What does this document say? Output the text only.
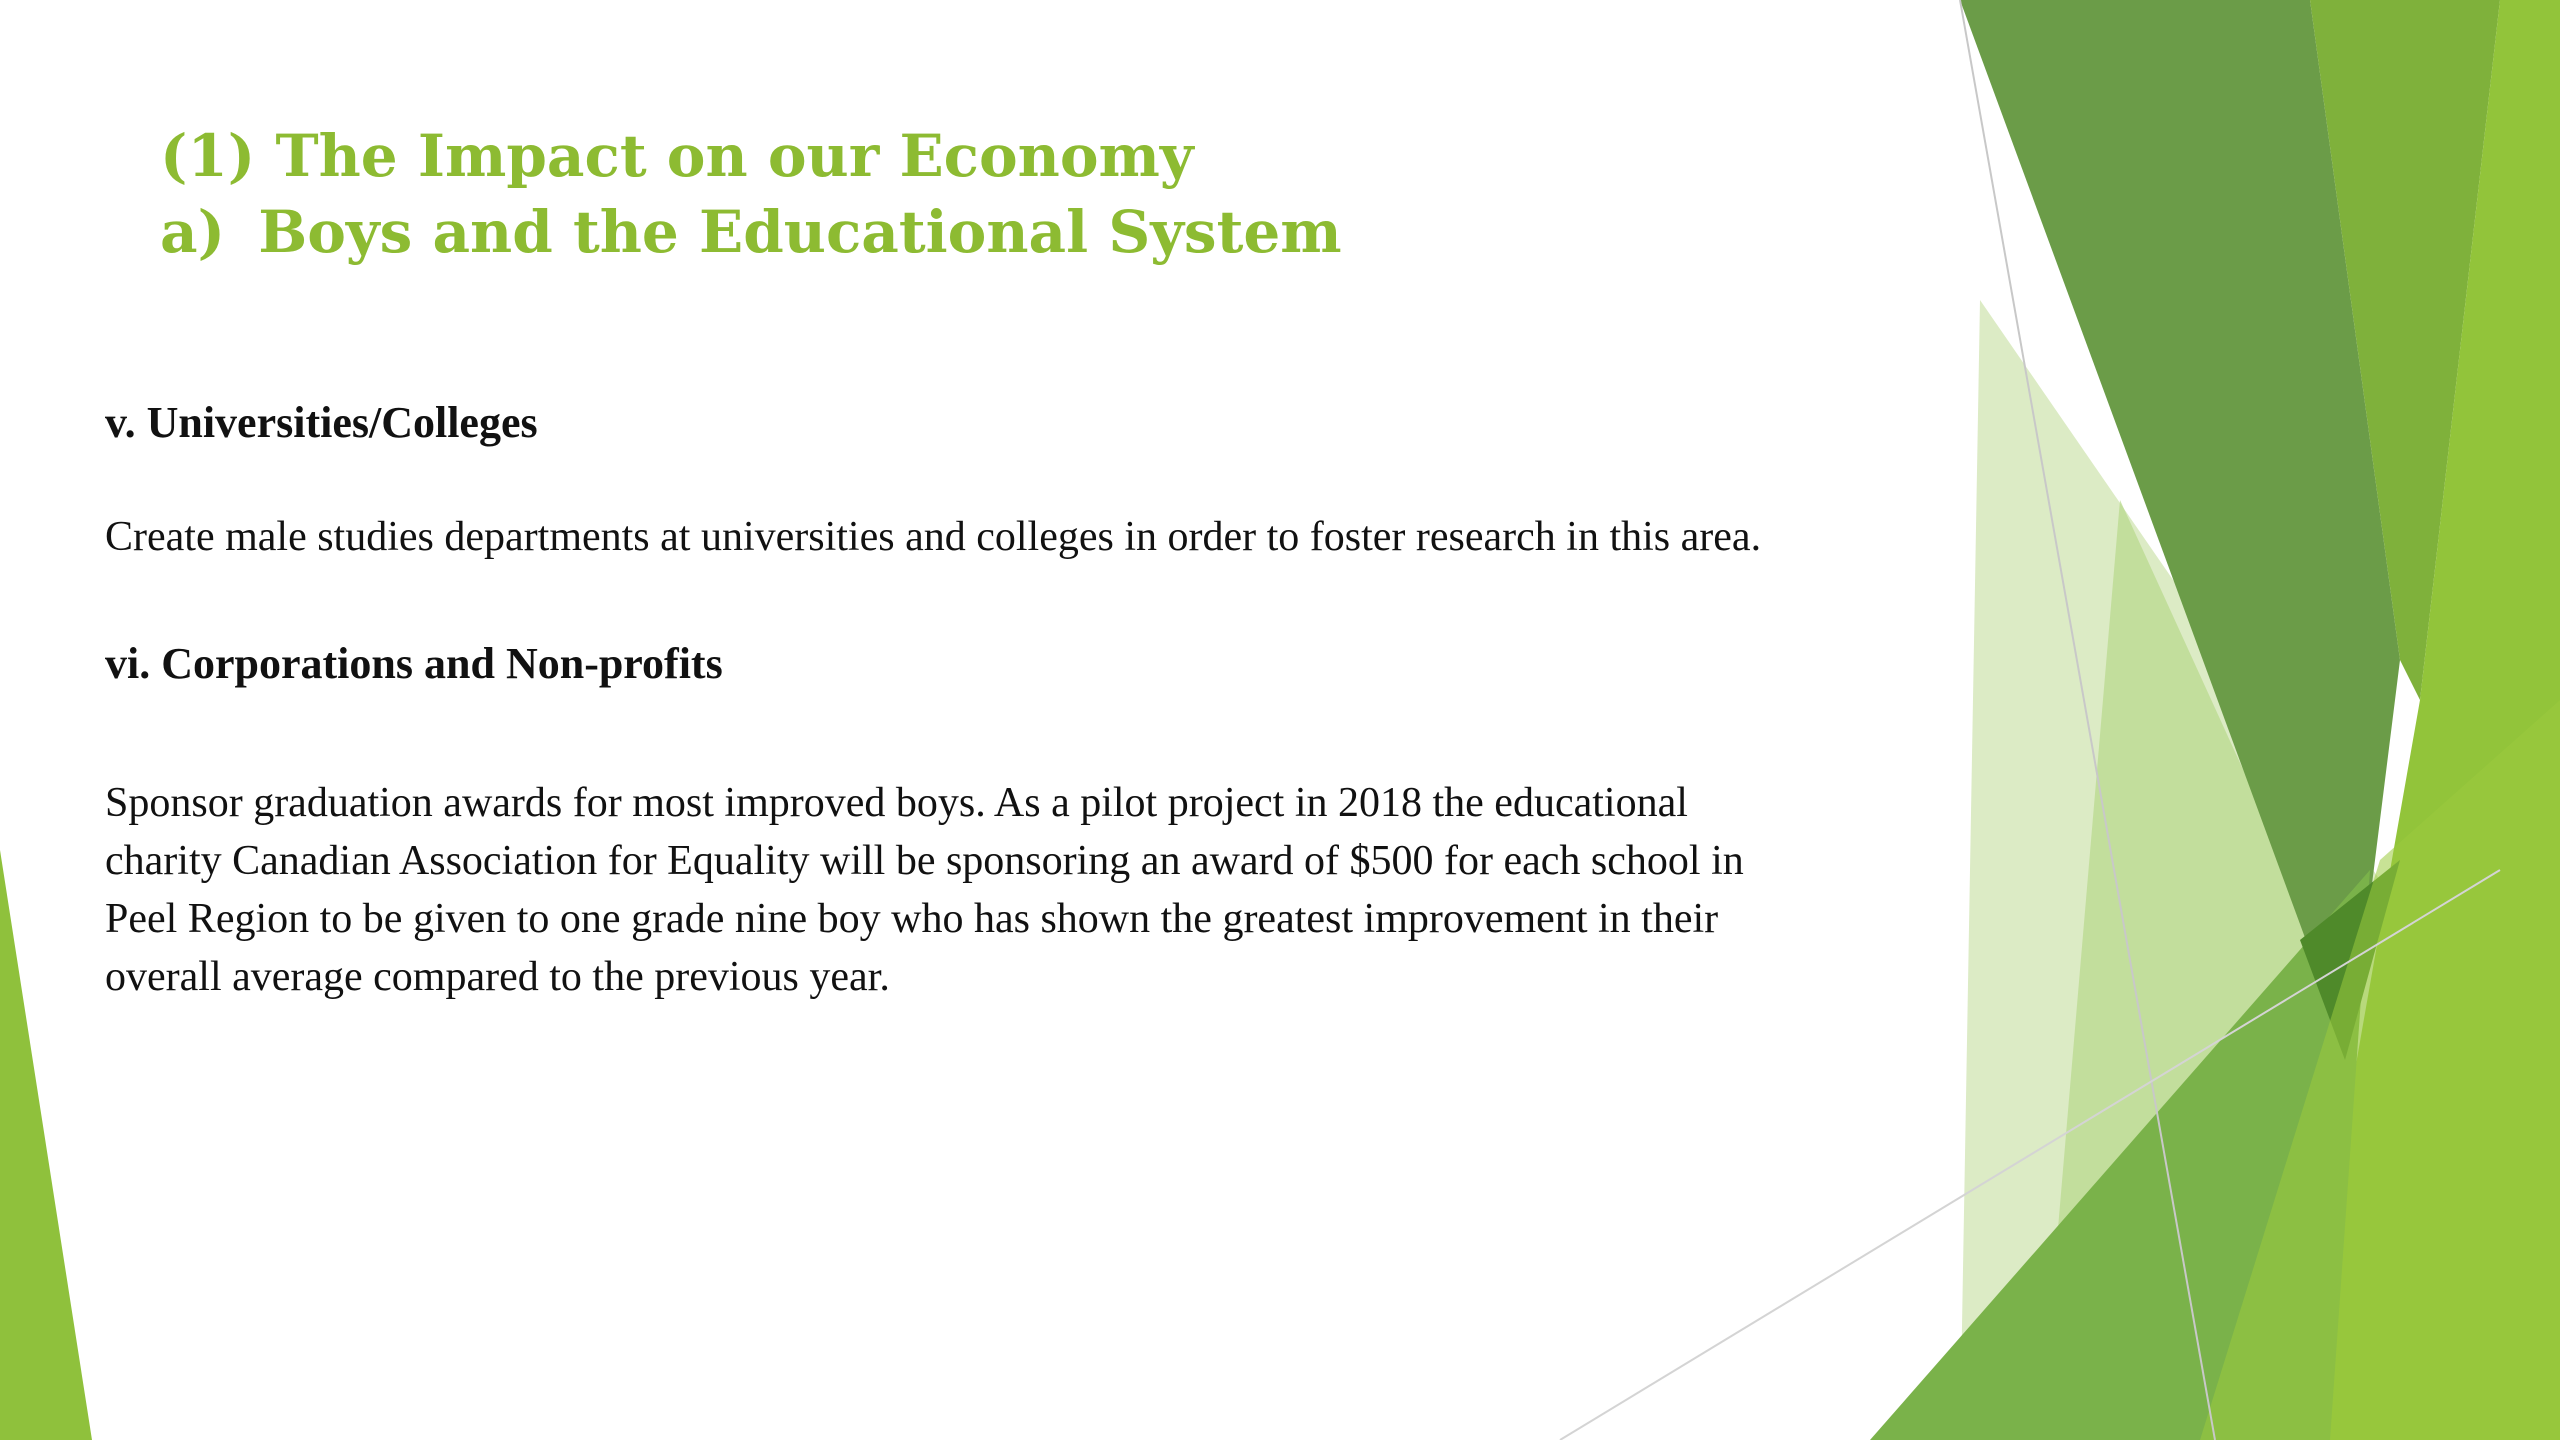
(1) The Impact on our Economy
a) Boys and the Educational System
v. Universities/Colleges
Create male studies departments at universities and colleges in order to foster research in this area.
vi. Corporations and Non-profits
Sponsor graduation awards for most improved boys. As a pilot project in 2018 the educational
charity Canadian Association for Equality will be sponsoring an award of $500 for each school in
Peel Region to be given to one grade nine boy who has shown the greatest improvement in their
overall average compared to the previous year.
